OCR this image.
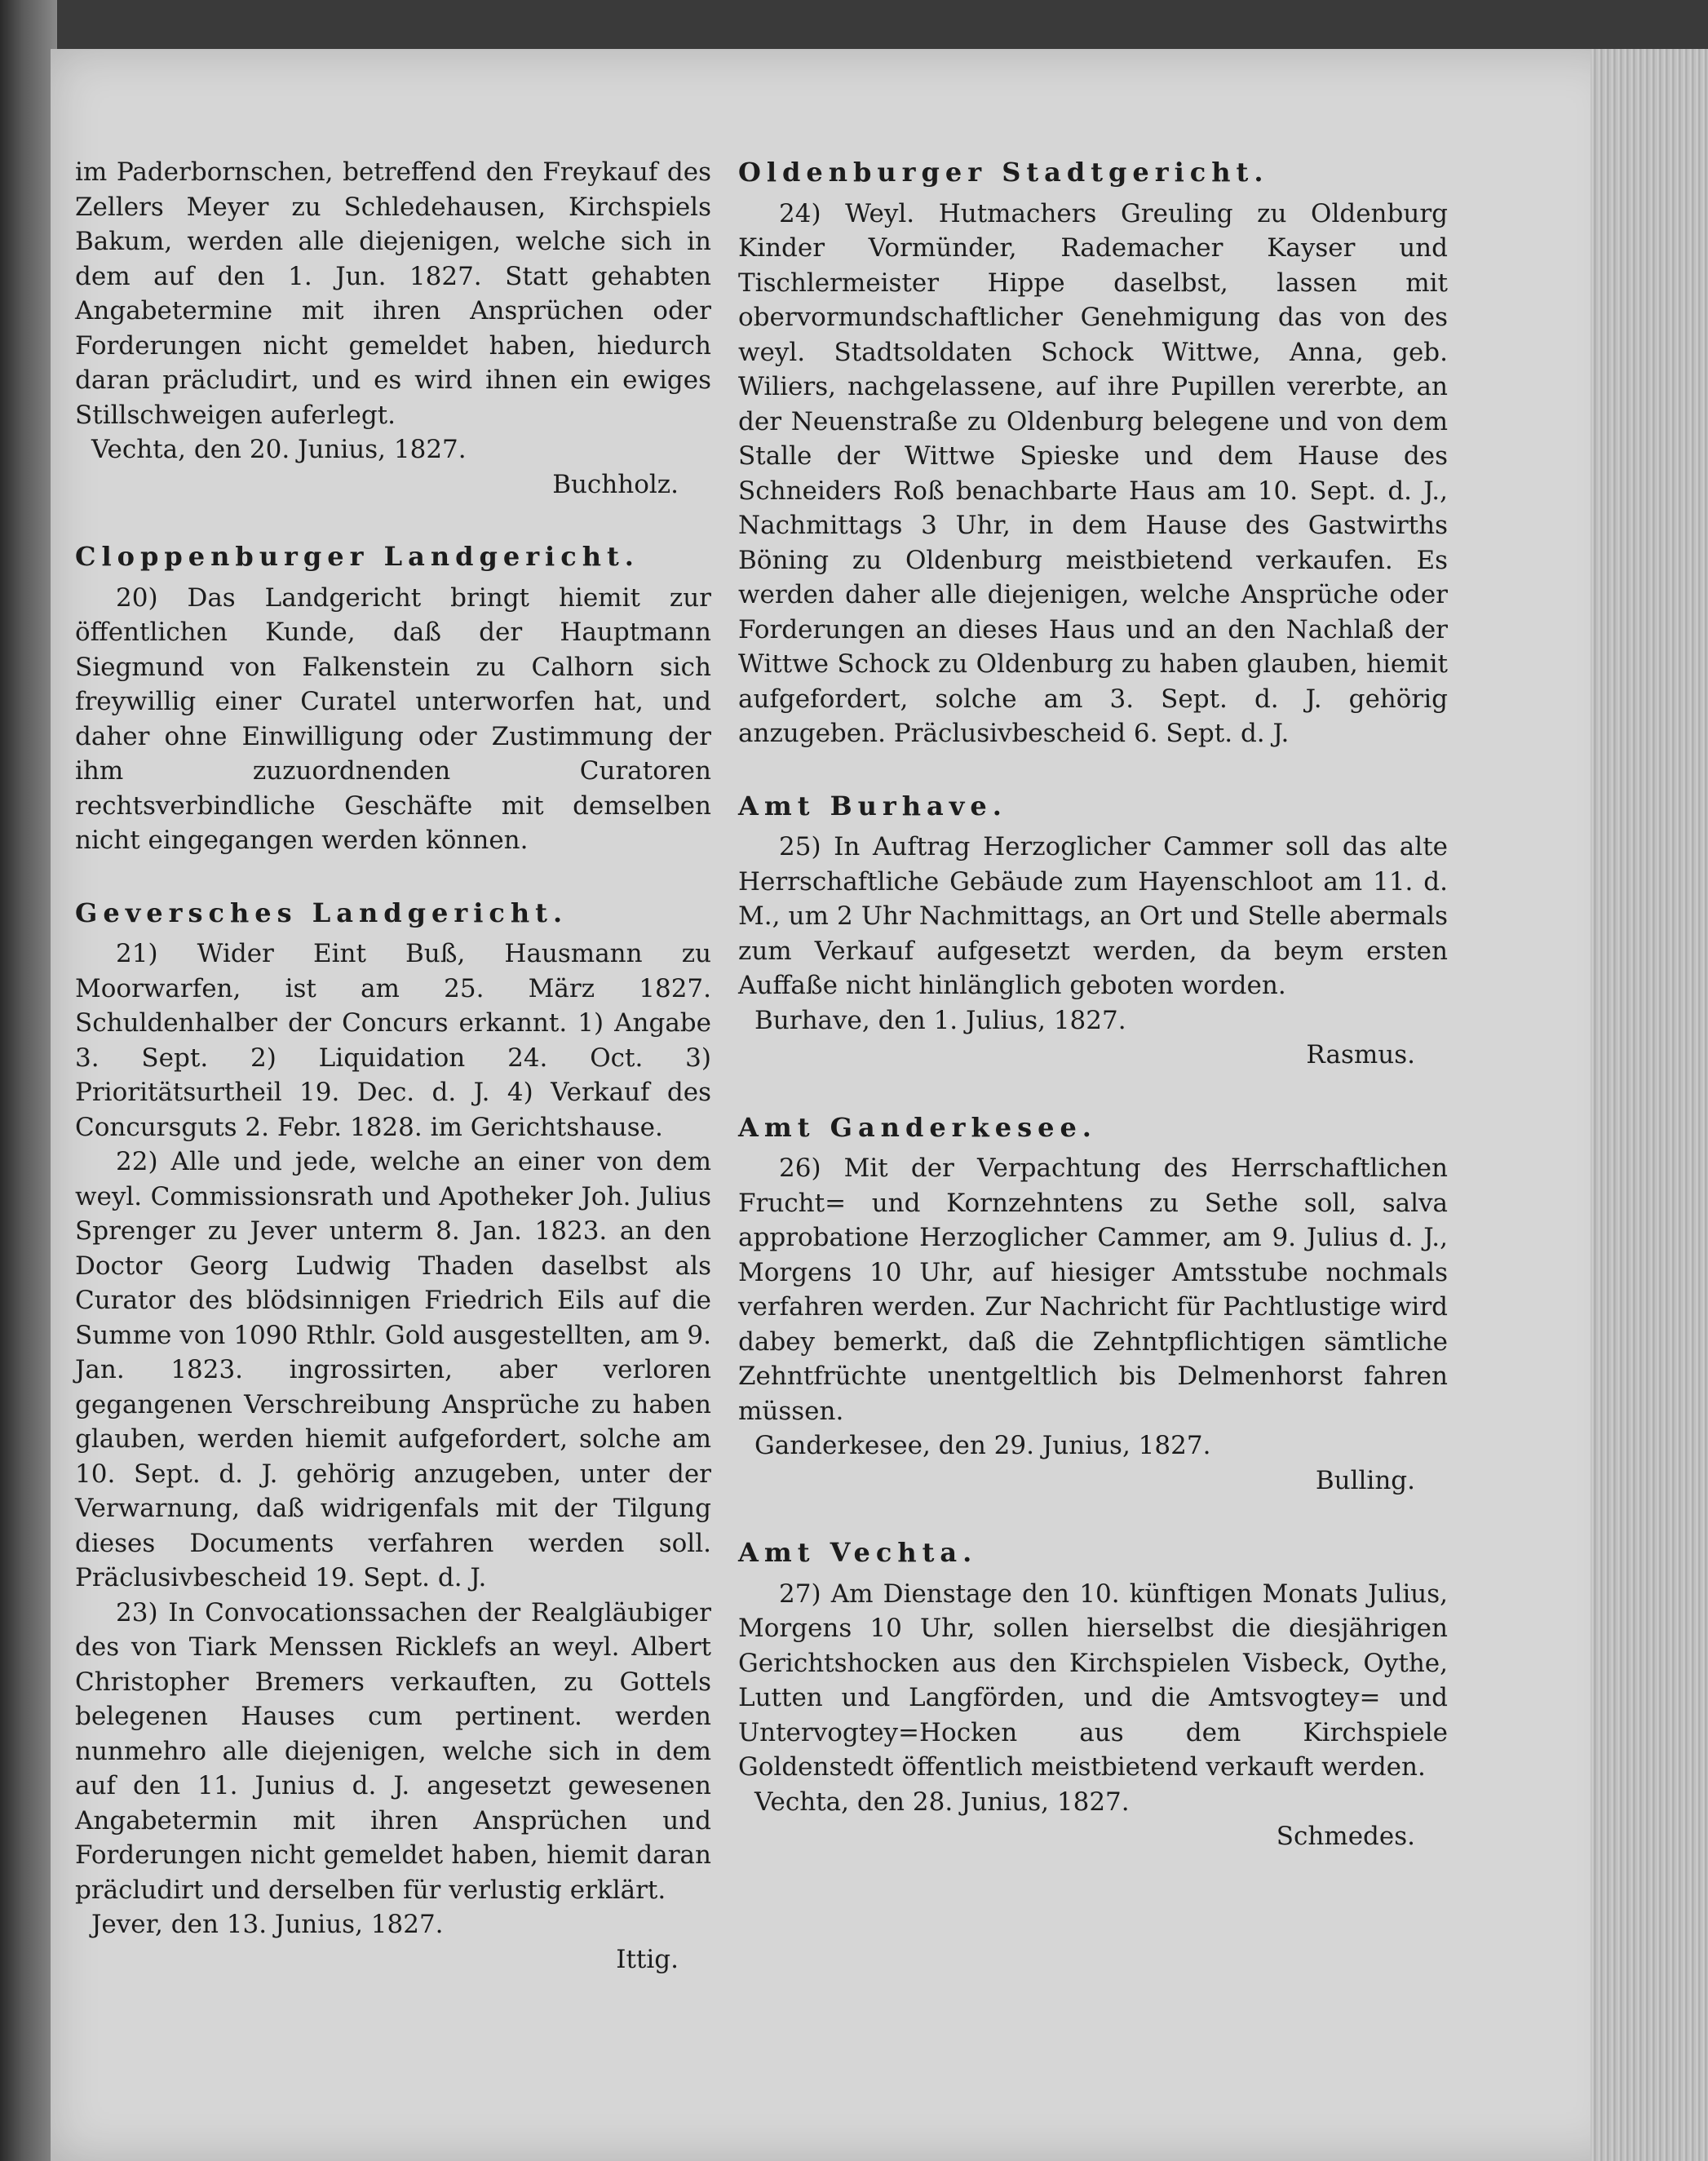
im Paderbornschen, betreffend den Freykauf des Zellers Meyer zu Schledehausen, Kirchspiels Bakum, werden alle diejenigen, welche sich in dem auf den 1. Jun. 1827. Statt gehabten Angabetermine mit ihren Ansprüchen oder Forderungen nicht gemeldet haben, hiedurch daran präcludirt, und es wird ihnen ein ewiges Stillschweigen auferlegt.

Vechta, den 20. Junius, 1827.

Buchholz.

Cloppenburger Landgericht.

20) Das Landgericht bringt hiemit zur öffentlichen Kunde, daß der Hauptmann Siegmund von Falkenstein zu Calhorn sich freywillig einer Curatel unterworfen hat, und daher ohne Einwilligung oder Zustimmung der ihm zuzuordnenden Curatoren rechtsverbindliche Geschäfte mit demselben nicht eingegangen werden können.

Geversches Landgericht.

21) Wider Eint Buß, Hausmann zu Moorwarfen, ist am 25. März 1827. Schuldenhalber der Concurs erkannt. 1) Angabe 3. Sept. 2) Liquidation 24. Oct. 3) Prioritätsurtheil 19. Dec. d. J. 4) Verkauf des Concursguts 2. Febr. 1828. im Gerichtshause.

22) Alle und jede, welche an einer von dem weyl. Commissionsrath und Apotheker Joh. Julius Sprenger zu Jever unterm 8. Jan. 1823. an den Doctor Georg Ludwig Thaden daselbst als Curator des blödsinnigen Friedrich Eils auf die Summe von 1090 Rthlr. Gold ausgestellten, am 9. Jan. 1823. ingrossirten, aber verloren gegangenen Verschreibung Ansprüche zu haben glauben, werden hiemit aufgefordert, solche am 10. Sept. d. J. gehörig anzugeben, unter der Verwarnung, daß widrigenfals mit der Tilgung dieses Documents verfahren werden soll. Präclusivbescheid 19. Sept. d. J.

23) In Convocationssachen der Realgläubiger des von Tiark Menssen Ricklefs an weyl. Albert Christopher Bremers verkauften, zu Gottels belegenen Hauses cum pertinent. werden nunmehro alle diejenigen, welche sich in dem auf den 11. Junius d. J. angesetzt gewesenen Angabetermin mit ihren Ansprüchen und Forderungen nicht gemeldet haben, hiemit daran präcludirt und derselben für verlustig erklärt.

Jever, den 13. Junius, 1827.

Ittig.

Oldenburger Stadtgericht.

24) Weyl. Hutmachers Greuling zu Oldenburg Kinder Vormünder, Rademacher Kayser und Tischlermeister Hippe daselbst, lassen mit obervormundschaftlicher Genehmigung das von des weyl. Stadtsoldaten Schock Wittwe, Anna, geb. Wiliers, nachgelassene, auf ihre Pupillen vererbte, an der Neuenstraße zu Oldenburg belegene und von dem Stalle der Wittwe Spieske und dem Hause des Schneiders Roß benachbarte Haus am 10. Sept. d. J., Nachmittags 3 Uhr, in dem Hause des Gastwirths Böning zu Oldenburg meistbietend verkaufen. Es werden daher alle diejenigen, welche Ansprüche oder Forderungen an dieses Haus und an den Nachlaß der Wittwe Schock zu Oldenburg zu haben glauben, hiemit aufgefordert, solche am 3. Sept. d. J. gehörig anzugeben. Präclusivbescheid 6. Sept. d. J.

Amt Burhave.

25) In Auftrag Herzoglicher Cammer soll das alte Herrschaftliche Gebäude zum Hayenschloot am 11. d. M., um 2 Uhr Nachmittags, an Ort und Stelle abermals zum Verkauf aufgesetzt werden, da beym ersten Auffaße nicht hinlänglich geboten worden.

Burhave, den 1. Julius, 1827.

Rasmus.

Amt Ganderkesee.

26) Mit der Verpachtung des Herrschaftlichen Frucht= und Kornzehntens zu Sethe soll, salva approbatione Herzoglicher Cammer, am 9. Julius d. J., Morgens 10 Uhr, auf hiesiger Amtsstube nochmals verfahren werden. Zur Nachricht für Pachtlustige wird dabey bemerkt, daß die Zehntpflichtigen sämtliche Zehntfrüchte unentgeltlich bis Delmenhorst fahren müssen.

Ganderkesee, den 29. Junius, 1827.

Bulling.

Amt Vechta.

27) Am Dienstage den 10. künftigen Monats Julius, Morgens 10 Uhr, sollen hierselbst die diesjährigen Gerichtshocken aus den Kirchspielen Visbeck, Oythe, Lutten und Langförden, und die Amtsvogtey= und Untervogtey=Hocken aus dem Kirchspiele Goldenstedt öffentlich meistbietend verkauft werden.

Vechta, den 28. Junius, 1827.

Schmedes.
